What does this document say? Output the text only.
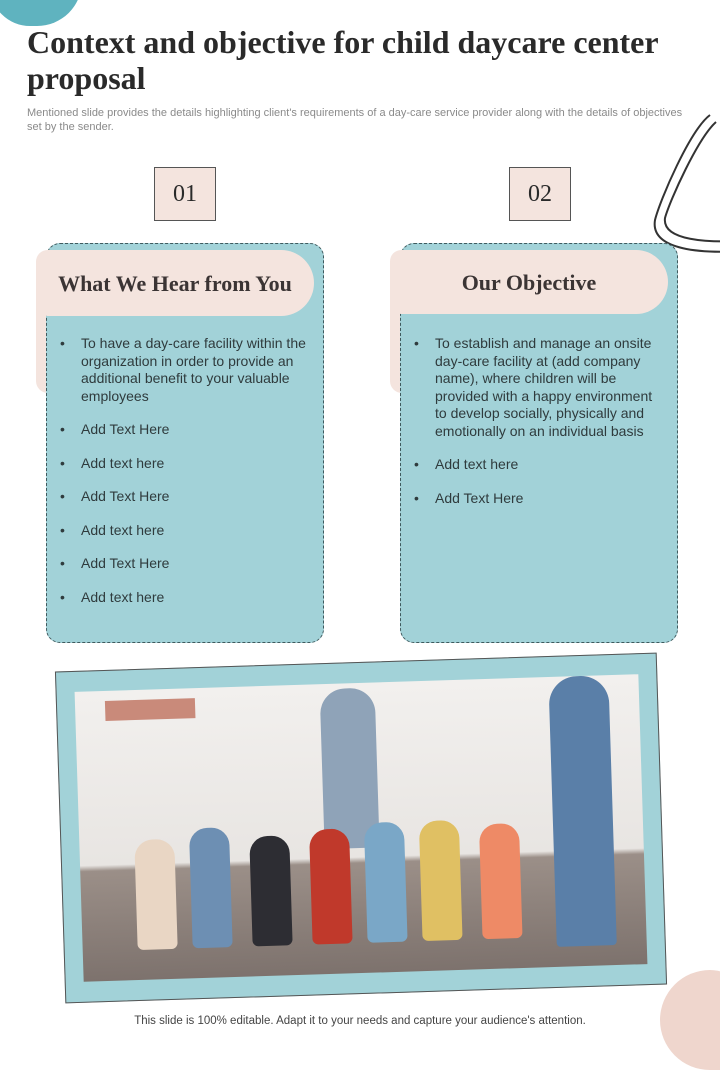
Context and objective for child daycare center proposal
Mentioned slide provides the details highlighting client's requirements of a day-care service provider along with the details of objectives set by the sender.
01	02
What We Hear from You
• To have a day-care facility within the organization in order to provide an additional benefit to your valuable employees
• Add Text Here
• Add text here
• Add Text Here
• Add text here
• Add Text Here
• Add text here
Our Objective
• To establish and manage an onsite day-care facility at (add company name), where children will be provided with a happy environment to develop socially, physically and emotionally on an individual basis
• Add text here
• Add Text Here
This slide is 100% editable. Adapt it to your needs and capture your audience's attention.
